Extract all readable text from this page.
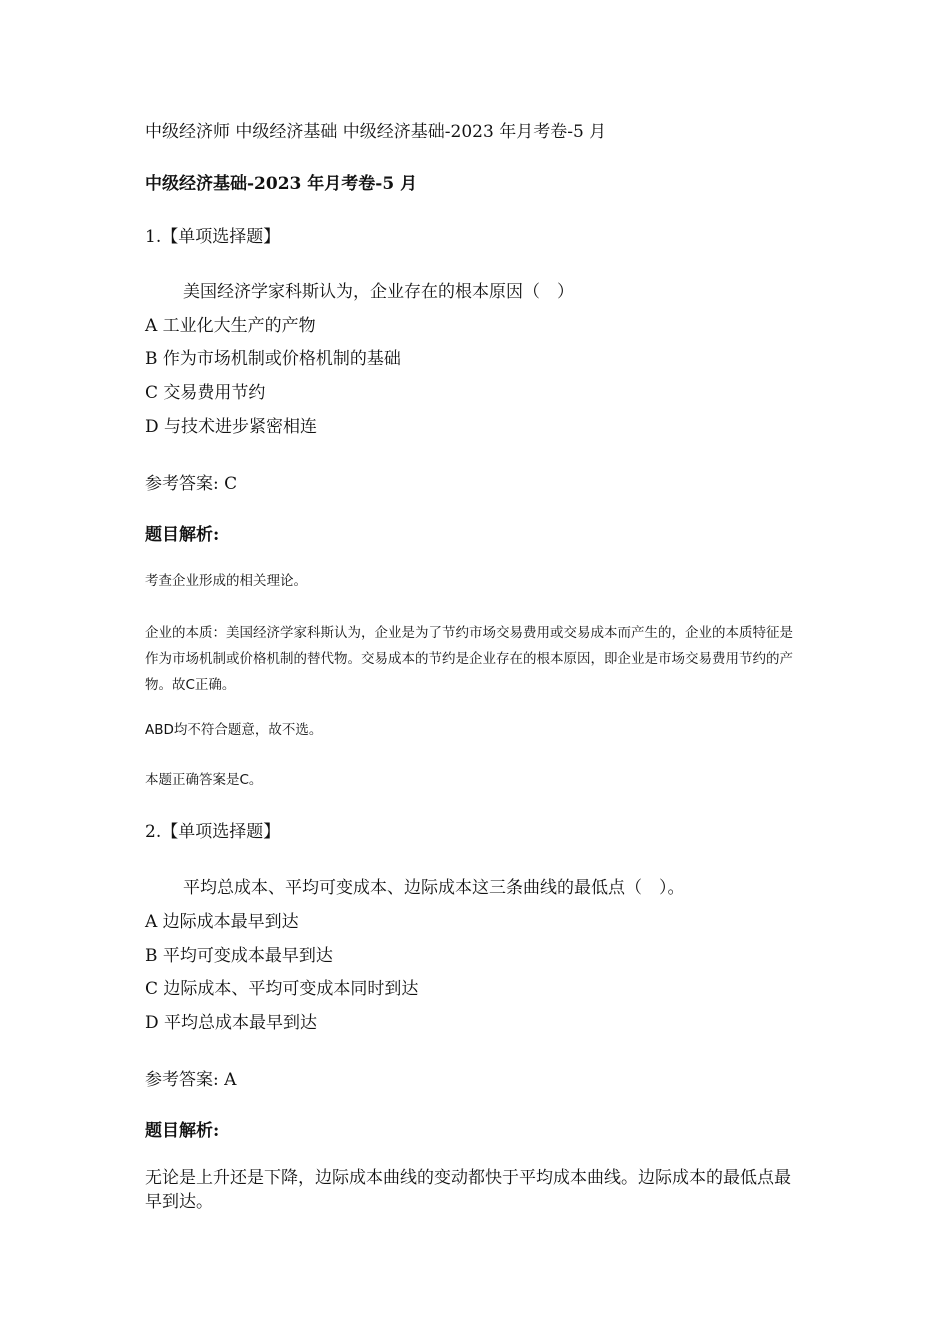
中级经济师 中级经济基础 中级经济基础-2023 年月考卷-5 月
中级经济基础-2023 年月考卷-5 月
1.【单项选择题】
美国经济学家科斯认为，企业存在的根本原因（　）
A 工业化大生产的产物
B 作为市场机制或价格机制的基础
C 交易费用节约
D 与技术进步紧密相连
参考答案: C
题目解析:
考查企业形成的相关理论。
企业的本质：美国经济学家科斯认为，企业是为了节约市场交易费用或交易成本而产生的，企业的本质特征是作为市场机制或价格机制的替代物。交易成本的节约是企业存在的根本原因，即企业是市场交易费用节约的产物。故C正确。
ABD均不符合题意，故不选。
本题正确答案是C。
2.【单项选择题】
平均总成本、平均可变成本、边际成本这三条曲线的最低点（　）。
A 边际成本最早到达
B 平均可变成本最早到达
C 边际成本、平均可变成本同时到达
D 平均总成本最早到达
参考答案: A
题目解析:
无论是上升还是下降，边际成本曲线的变动都快于平均成本曲线。边际成本的最低点最早到达。
